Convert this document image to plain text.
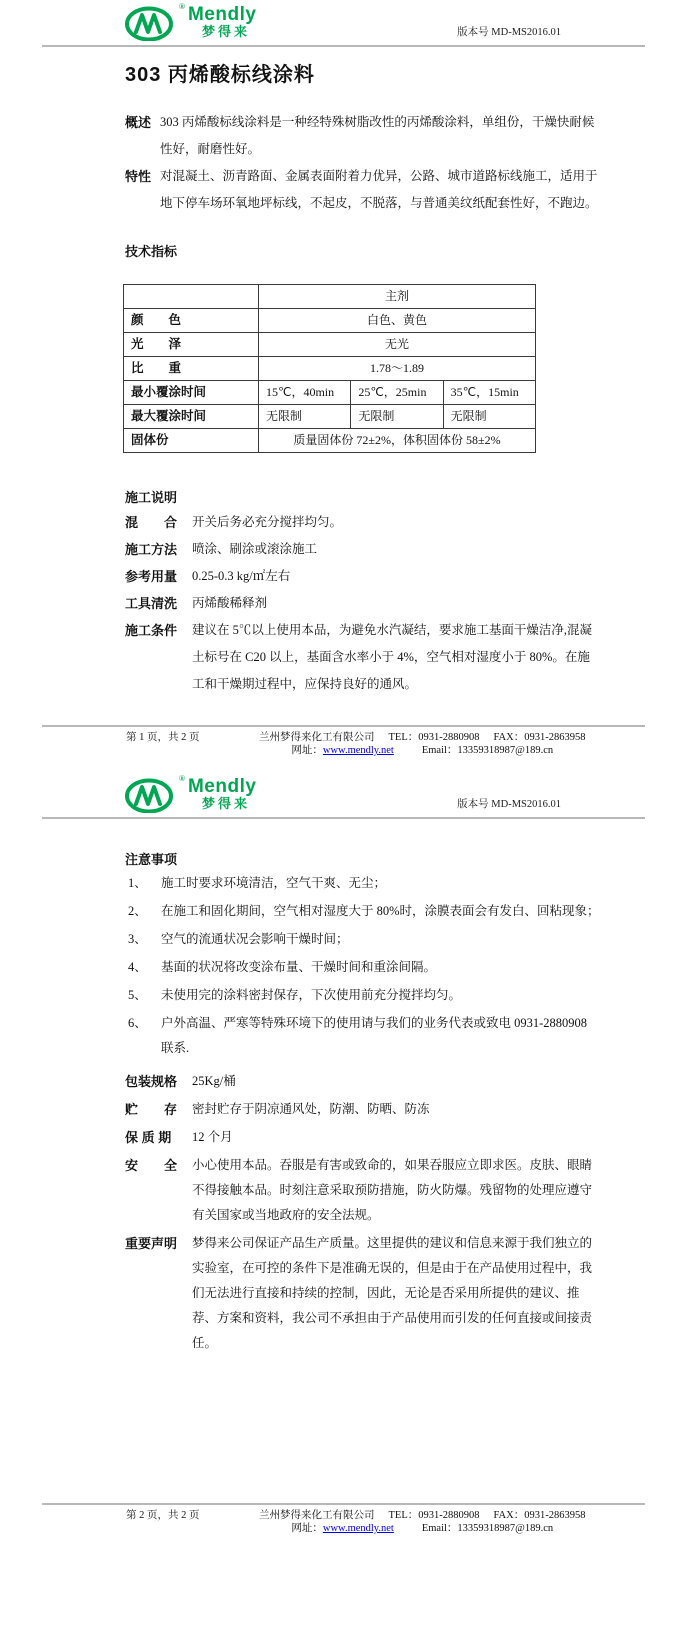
® Mendly
梦得来	版本号 MD-MS2016.01
303 丙烯酸标线涂料
概述 303 丙烯酸标线涂料是一种经特殊树脂改性的丙烯酸涂料，单组份，干燥快耐候性好，耐磨性好。
特性 对混凝土、沥青路面、金属表面附着力优异，公路、城市道路标线施工，适用于地下停车场环氧地坪标线，不起皮，不脱落，与普通美纹纸配套性好，不跑边。
技术指标
	主剂		
颜　　色	白色、黄色		
光　　泽	无光		
比　　重	1.78～1.89		
最小覆涂时间	15℃，40min	25℃，25min	35℃，15min
最大覆涂时间	无限制	无限制	无限制
固体份	质量固体份 72±2%，体积固体份 58±2%		
施工说明
混　　合	开关后务必充分搅拌均匀。
施工方法	喷涂、刷涂或滚涂施工
参考用量	0.25-0.3 kg/㎡左右
工具清洗	丙烯酸稀释剂
施工条件	建议在 5℃以上使用本品，为避免水汽凝结，要求施工基面干燥洁净,混凝土标号在 C20 以上，基面含水率小于 4%，空气相对湿度小于 80%。在施工和干燥期过程中，应保持良好的通风。
第 1 页，共 2 页	兰州梦得来化工有限公司 TEL：0931-2880908 FAX：0931-2863958
网址：www.mendly.net	Email：13359318987@189.cn
® Mendly
梦得来	版本号 MD-MS2016.01
注意事项
1、	施工时要求环境清洁，空气干爽、无尘；
2、	在施工和固化期间，空气相对湿度大于 80%时，涂膜表面会有发白、回粘现象；
3、	空气的流通状况会影响干燥时间；
4、	基面的状况将改变涂布量、干燥时间和重涂间隔。
5、	未使用完的涂料密封保存，下次使用前充分搅拌均匀。
6、	户外高温、严寒等特殊环境下的使用请与我们的业务代表或致电 0931-2880908 联系.
包装规格	25Kg/桶
贮　　存	密封贮存于阴凉通风处，防潮、防晒、防冻
保 质 期	12 个月
安　　全	小心使用本品。吞服是有害或致命的，如果吞服应立即求医。皮肤、眼睛不得接触本品。时刻注意采取预防措施，防火防爆。残留物的处理应遵守有关国家或当地政府的安全法规。
重要声明	梦得来公司保证产品生产质量。这里提供的建议和信息来源于我们独立的实验室，在可控的条件下是准确无误的，但是由于在产品使用过程中，我们无法进行直接和持续的控制，因此，无论是否采用所提供的建议、推荐、方案和资料，我公司不承担由于产品使用而引发的任何直接或间接责任。
第 2 页，共 2 页	兰州梦得来化工有限公司 TEL：0931-2880908 FAX：0931-2863958
网址：www.mendly.net	Email：13359318987@189.cn
